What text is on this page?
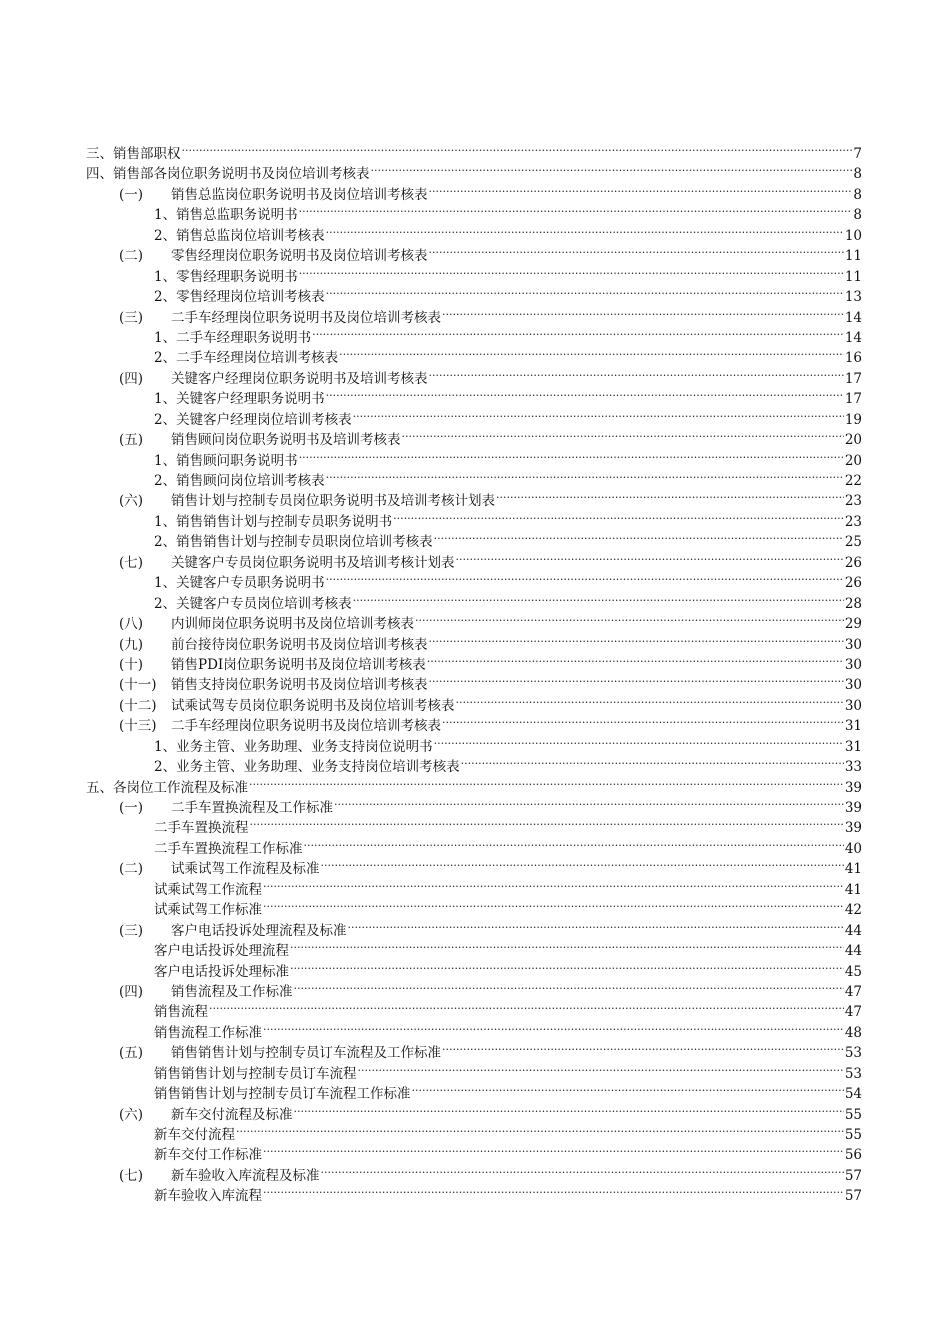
三、销售部职权 .....	7
四、销售部各岗位职务说明书及岗位培训考核表 .....	8
(一)	销售总监岗位职务说明书及岗位培训考核表 .....	8
1、销售总监职务说明书 .....	8
2、销售总监岗位培训考核表 .....	10
(二)	零售经理岗位职务说明书及岗位培训考核表 .....	11
1、零售经理职务说明书 .....	11
2、零售经理岗位培训考核表 .....	13
(三)	二手车经理岗位职务说明书及岗位培训考核表 .....	14
1、二手车经理职务说明书 .....	14
2、二手车经理岗位培训考核表 .....	16
(四)	关键客户经理岗位职务说明书及培训考核表 .....	17
1、关键客户经理职务说明书 .....	17
2、关键客户经理岗位培训考核表 .....	19
(五)	销售顾问岗位职务说明书及培训考核表 .....	20
1、销售顾问职务说明书 .....	20
2、销售顾问岗位培训考核表 .....	22
(六)	销售计划与控制专员岗位职务说明书及培训考核计划表 .....	23
1、销售销售计划与控制专员职务说明书 .....	23
2、销售销售计划与控制专员职岗位培训考核表 .....	25
(七)	关键客户专员岗位职务说明书及培训考核计划表 .....	26
1、关键客户专员职务说明书 .....	26
2、关键客户专员岗位培训考核表 .....	28
(八)	内训师岗位职务说明书及岗位培训考核表 .....	29
(九)	前台接待岗位职务说明书及岗位培训考核表 .....	30
(十)	销售PDI岗位职务说明书及岗位培训考核表 .....	30
(十一)	销售支持岗位职务说明书及岗位培训考核表 .....	30
(十二)	试乘试驾专员岗位职务说明书及岗位培训考核表 .....	30
(十三)	二手车经理岗位职务说明书及岗位培训考核表 .....	31
1、业务主管、业务助理、业务支持岗位说明书 .....	31
2、业务主管、业务助理、业务支持岗位培训考核表 .....	33
五、各岗位工作流程及标准 .....	39
(一)	二手车置换流程及工作标准 .....	39
二手车置换流程 .....	39
二手车置换流程工作标准 .....	40
(二)	试乘试驾工作流程及标准 .....	41
试乘试驾工作流程 .....	41
试乘试驾工作标准 .....	42
(三)	客户电话投诉处理流程及标准 .....	44
客户电话投诉处理流程 .....	44
客户电话投诉处理标准 .....	45
(四)	销售流程及工作标准 .....	47
销售流程 .....	47
销售流程工作标准 .....	48
(五)	销售销售计划与控制专员订车流程及工作标准 .....	53
销售销售计划与控制专员订车流程 .....	53
销售销售计划与控制专员订车流程工作标准 .....	54
(六)	新车交付流程及标准 .....	55
新车交付流程 .....	55
新车交付工作标准 .....	56
(七)	新车验收入库流程及标准 .....	57
新车验收入库流程 .....	57
